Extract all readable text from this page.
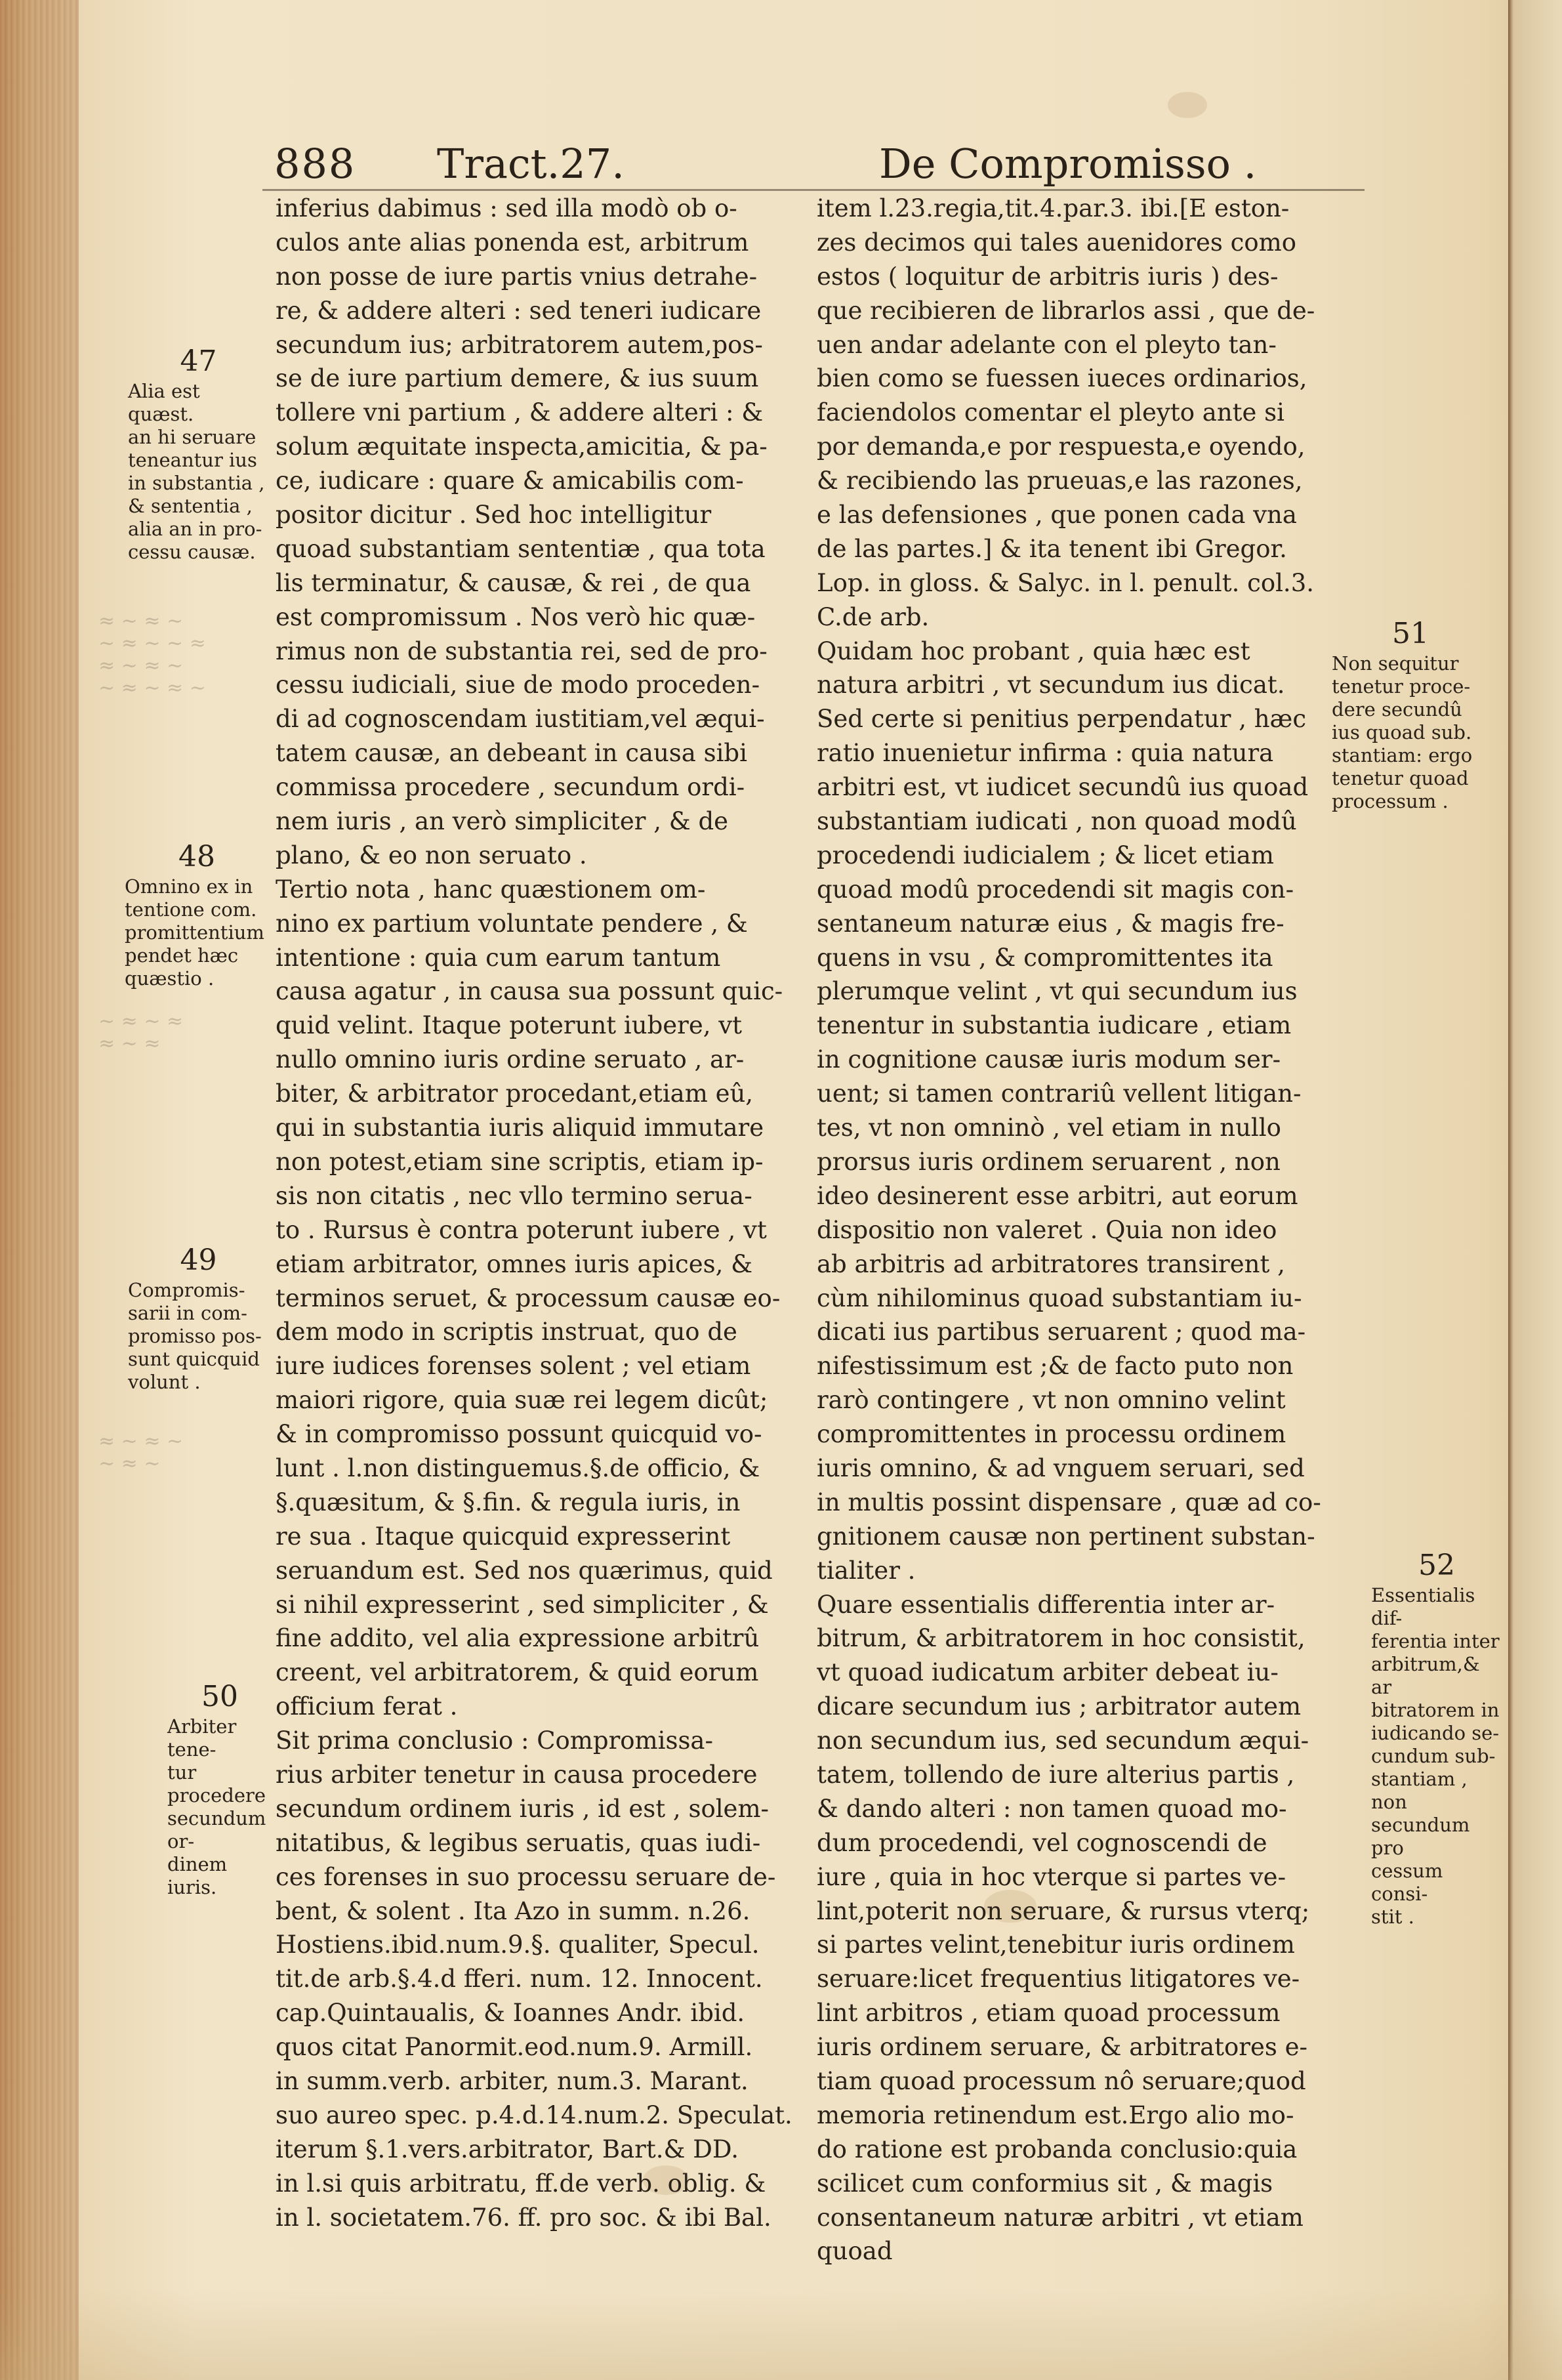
888 Tract.27.	De Compromisso .
inferius dabimus : sed illa modò ob o-
culos ante alias ponenda est, arbitrum
non posse de iure partis vnius detrahe-
re, & addere alteri : sed teneri iudicare
secundum ius; arbitratorem autem,pos-
se de iure partium demere, & ius suum
tollere vni partium , & addere alteri : &
solum æquitate inspecta,amicitia, & pa-
ce, iudicare : quare & amicabilis com-
positor dicitur . Sed hoc intelligitur
quoad substantiam sententiæ , qua tota
lis terminatur, & causæ, & rei , de qua
est compromissum . Nos verò hic quæ-
rimus non de substantia rei, sed de pro-
cessu iudiciali, siue de modo proceden-
di ad cognoscendam iustitiam,vel æqui-
tatem causæ, an debeant in causa sibi
commissa procedere , secundum ordi-
nem iuris , an verò simpliciter , & de
plano, & eo non seruato .
Tertio nota , hanc quæstionem om-
nino ex partium voluntate pendere , &
intentione : quia cum earum tantum
causa agatur , in causa sua possunt quic-
quid velint. Itaque poterunt iubere, vt
nullo omnino iuris ordine seruato , ar-
biter, & arbitrator procedant,etiam eû,
qui in substantia iuris aliquid immutare
non potest,etiam sine scriptis, etiam ip-
sis non citatis , nec vllo termino serua-
to . Rursus è contra poterunt iubere , vt
etiam arbitrator, omnes iuris apices, &
terminos seruet, & processum causæ eo-
dem modo in scriptis instruat, quo de
iure iudices forenses solent ; vel etiam
maiori rigore, quia suæ rei legem dicût;
& in compromisso possunt quicquid vo-
lunt . l.non distinguemus.§.de officio, &
§.quæsitum, & §.fin. & regula iuris, in
re sua . Itaque quicquid expresserint
seruandum est. Sed nos quærimus, quid
si nihil expresserint , sed simpliciter , &
fine addito, vel alia expressione arbitrû
creent, vel arbitratorem, & quid eorum
officium ferat .
Sit prima conclusio : Compromissa-
rius arbiter tenetur in causa procedere
secundum ordinem iuris , id est , solem-
nitatibus, & legibus seruatis, quas iudi-
ces forenses in suo processu seruare de-
bent, & solent . Ita Azo in summ. n.26.
Hostiens.ibid.num.9.§. qualiter, Specul.
tit.de arb.§.4.d fferi. num. 12. Innocent.
cap.Quintaualis, & Ioannes Andr. ibid.
quos citat Panormit.eod.num.9. Armill.
in summ.verb. arbiter, num.3. Marant.
suo aureo spec. p.4.d.14.num.2. Speculat.
iterum §.1.vers.arbitrator, Bart.& DD.
in l.si quis arbitratu, ff.de verb. oblig. &
in l. societatem.76. ff. pro soc. & ibi Bal.
item l.23.regia,tit.4.par.3. ibi.[E eston-
zes decimos qui tales auenidores como
estos ( loquitur de arbitris iuris ) des-
que recibieren de librarlos assi , que de-
uen andar adelante con el pleyto tan-
bien como se fuessen iueces ordinarios,
faciendolos comentar el pleyto ante si
por demanda,e por respuesta,e oyendo,
& recibiendo las prueuas,e las razones,
e las defensiones , que ponen cada vna
de las partes.] & ita tenent ibi Gregor.
Lop. in gloss. & Salyc. in l. penult. col.3.
C.de arb.
Quidam hoc probant , quia hæc est
natura arbitri , vt secundum ius dicat.
Sed certe si penitius perpendatur , hæc
ratio inuenietur infirma : quia natura
arbitri est, vt iudicet secundû ius quoad
substantiam iudicati , non quoad modû
procedendi iudicialem ; & licet etiam
quoad modû procedendi sit magis con-
sentaneum naturæ eius , & magis fre-
quens in vsu , & compromittentes ita
plerumque velint , vt qui secundum ius
tenentur in substantia iudicare , etiam
in cognitione causæ iuris modum ser-
uent; si tamen contrariû vellent litigan-
tes, vt non omninò , vel etiam in nullo
prorsus iuris ordinem seruarent , non
ideo desinerent esse arbitri, aut eorum
dispositio non valeret . Quia non ideo
ab arbitris ad arbitratores transirent ,
cùm nihilominus quoad substantiam iu-
dicati ius partibus seruarent ; quod ma-
nifestissimum est ;& de facto puto non
rarò contingere , vt non omnino velint
compromittentes in processu ordinem
iuris omnino, & ad vnguem seruari, sed
in multis possint dispensare , quæ ad co-
gnitionem causæ non pertinent substan-
tialiter .
Quare essentialis differentia inter ar-
bitrum, & arbitratorem in hoc consistit,
vt quoad iudicatum arbiter debeat iu-
dicare secundum ius ; arbitrator autem
non secundum ius, sed secundum æqui-
tatem, tollendo de iure alterius partis ,
& dando alteri : non tamen quoad mo-
dum procedendi, vel cognoscendi de
iure , quia in hoc vterque si partes ve-
lint,poterit non seruare, & rursus vterq;
si partes velint,tenebitur iuris ordinem
seruare:licet frequentius litigatores ve-
lint arbitros , etiam quoad processum
iuris ordinem seruare, & arbitratores e-
tiam quoad processum nô seruare;quod
memoria retinendum est.Ergo alio mo-
do ratione est probanda conclusio:quia
scilicet cum conformius sit , & magis
consentaneum naturæ arbitri , vt etiam
quoad
47
Alia est quæst.
an hi seruare
teneantur ius
in substantia ,
& sententia ,
alia an in pro-
cessu causæ.
48
Omnino ex in
tentione com.
promittentium
pendet hæc
quæstio .
49
Compromis-
sarii in com-
promisso pos-
sunt quicquid
volunt .
50
Arbiter tene-
tur procedere
secundum or-
dinem iuris.
51
Non sequitur
tenetur proce-
dere secundû
ius quoad sub.
stantiam: ergo
tenetur quoad
processum .
52
Essentialis dif-
ferentia inter
arbitrum,& ar
bitratorem in
iudicando se-
cundum sub-
stantiam , non
secundum pro
cessum consi-
stit .
≈ ∼ ≈ ∼
∼ ≈ ∼ ∼ ≈
≈ ∼ ≈ ∼
∼ ≈ ∼ ≈ ∼
∼ ≈ ∼ ≈
≈ ∼ ≈
≈ ∼ ≈ ∼
∼ ≈ ∼
